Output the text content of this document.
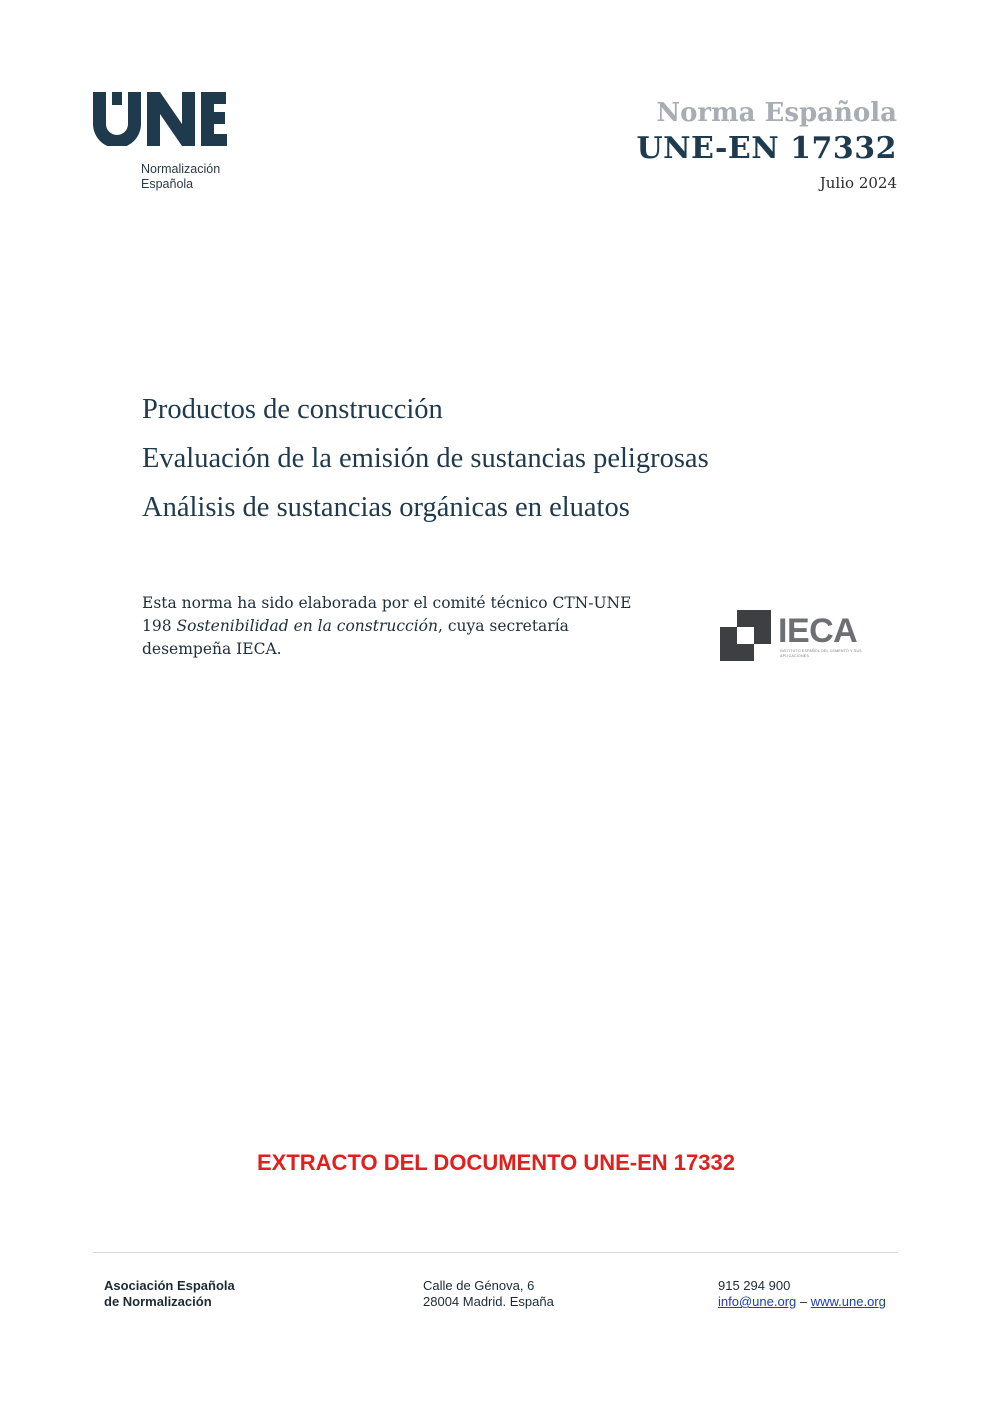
Normalización
Española
Norma Española
UNE-EN 17332
Julio 2024
Productos de construcción
Evaluación de la emisión de sustancias peligrosas
Análisis de sustancias orgánicas en eluatos
Esta norma ha sido elaborada por el comité técnico CTN-UNE 198 Sostenibilidad en la construcción, cuya secretaría desempeña IECA.	IECA
INSTITUTO ESPAÑOL DEL CEMENTO Y SUS APLICACIONES
EXTRACTO DEL DOCUMENTO UNE-EN 17332
Asociación Española
de Normalización
Calle de Génova, 6
28004 Madrid. España
915 294 900
info@une.org – www.une.org
